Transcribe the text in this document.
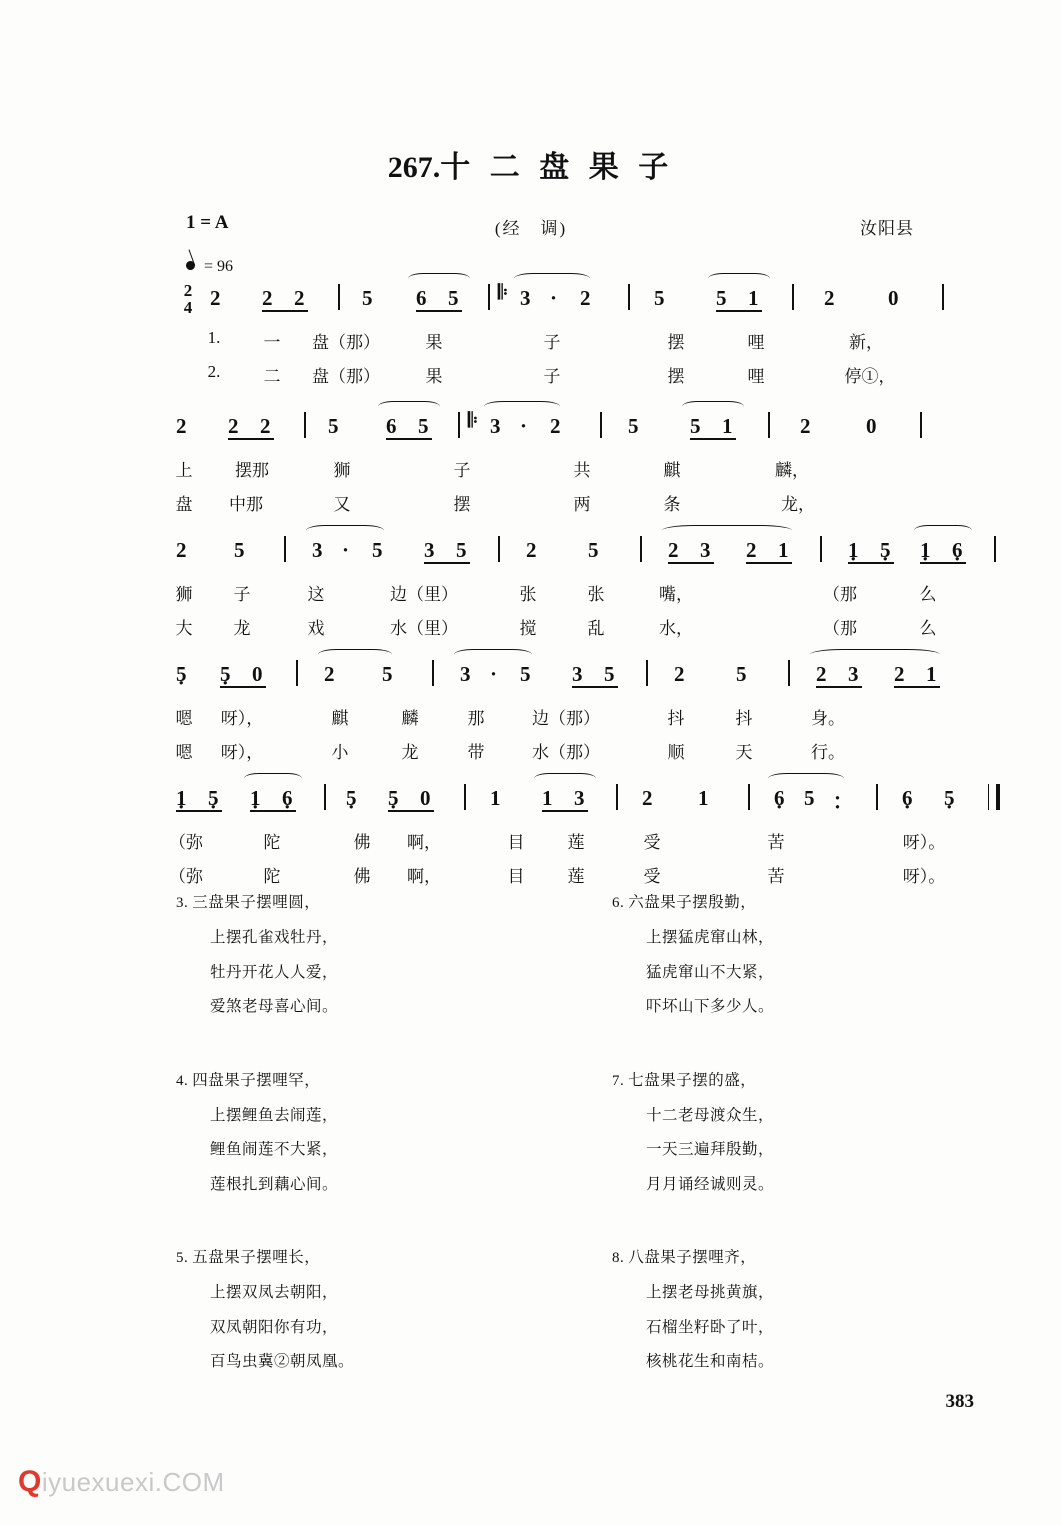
267.十 二 盘 果 子
1 = A	(经　调)	汝阳县
= 96
2
4 2 2 2	5 6 5 𝄆 3 · 2	5 5 1	2	0
1.	一 盘（那）	果	子	摆	哩	新，
2.	二 盘（那）	果	子	摆	哩	停①，
2 2 2	5 6 5 𝄆 3 · 2	5 5 1	2	0
上	摆那	狮	子	共	麒	麟，
盘 中那	又	摆	两	条	龙，
2 5	3 · 5 3 5	2 5	2 3 2 1	1 · 5 · 1 · 6 ·
狮 子	这	边（里）	张	张	嘴，	（那	么
大 龙	戏	水（里）	搅	乱	水，	（那	么
5 · 5 · 0	2 5	3 · 5 3 5	2 5	2 3 2 1
嗯 呀），	麒	麟	那	边（那）	抖	抖	身。
嗯 呀），	小	龙	带	水（那）	顺	天	行。
1 · 5 · 1 · 6 ·	5 · 5 · 0	1 1 3	2 1	6 · 5 · ·	6 · 5 ·
（弥	陀	佛 啊，	目	莲	受	苦	呀）。
（弥	陀	佛 啊，	目	莲	受	苦	呀）。
3. 三盘果子摆哩圆，
上摆孔雀戏牡丹，
牡丹开花人人爱，
爱煞老母喜心间。
4. 四盘果子摆哩罕，
上摆鲤鱼去闹莲，
鲤鱼闹莲不大紧，
莲根扎到藕心间。
5. 五盘果子摆哩长，
上摆双凤去朝阳，
双凤朝阳你有功，
百鸟虫冀②朝凤凰。
6. 六盘果子摆殷勤，
上摆猛虎窜山林，
猛虎窜山不大紧，
吓坏山下多少人。
7. 七盘果子摆的盛，
十二老母渡众生，
一天三遍拜殷勤，
月月诵经诚则灵。
8. 八盘果子摆哩齐，
上摆老母挑黄旗，
石榴坐籽卧了叶，
核桃花生和南桔。
383
Qiyuexuexi.COM
